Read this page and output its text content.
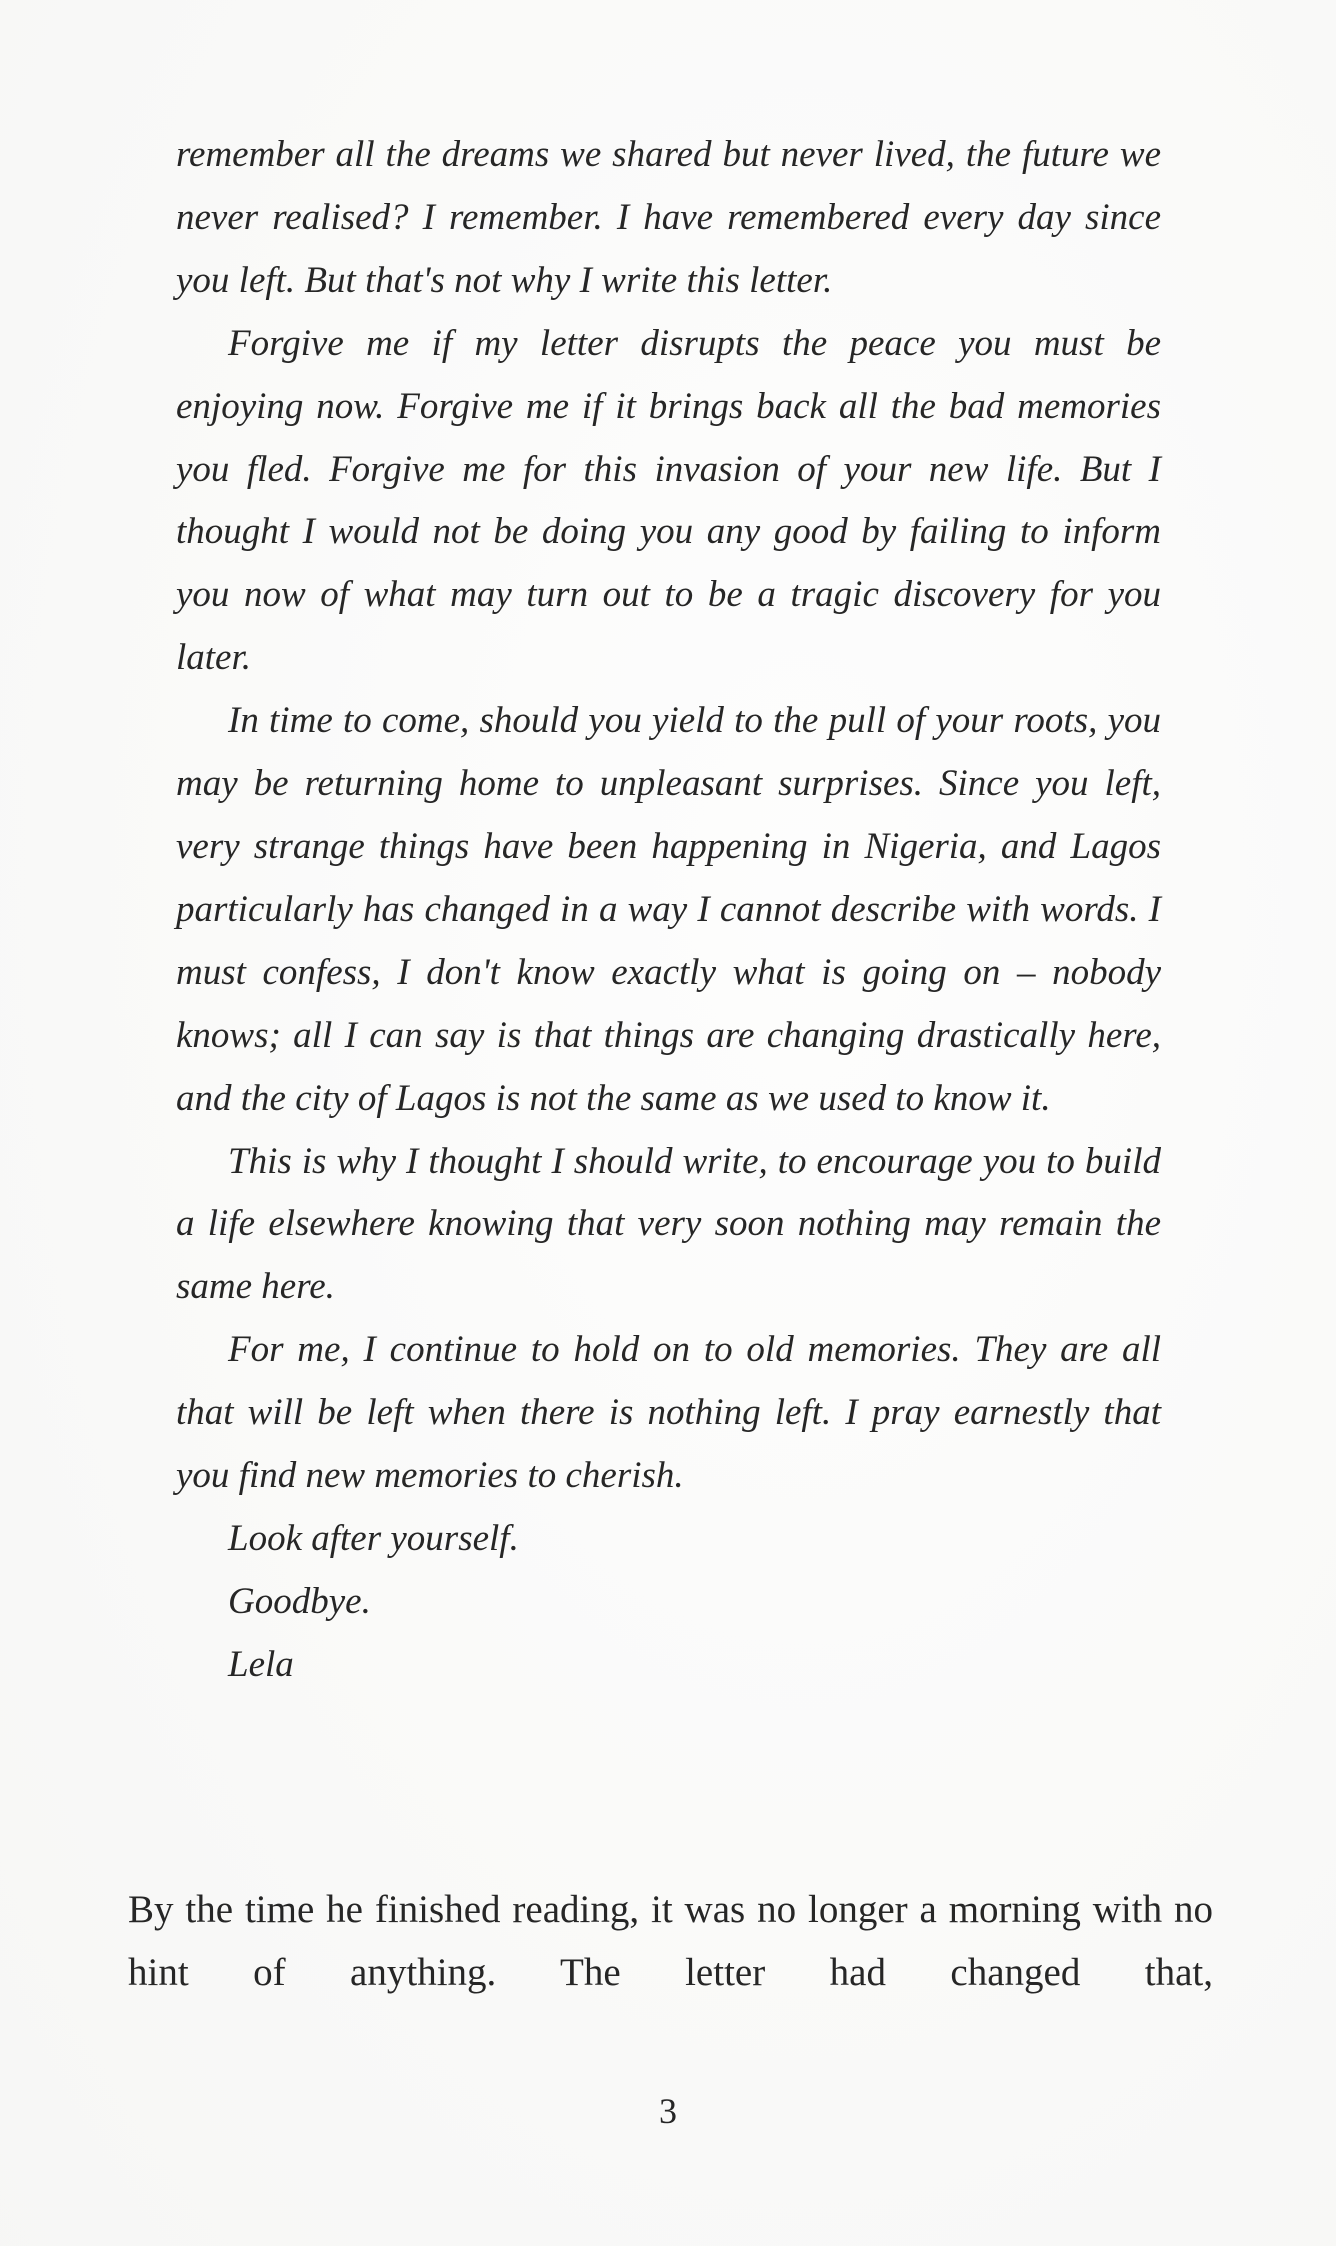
remember all the dreams we shared but never lived, the future we never realised? I remember. I have remembered every day since you left. But that's not why I write this letter.

Forgive me if my letter disrupts the peace you must be enjoying now. Forgive me if it brings back all the bad memories you fled. Forgive me for this invasion of your new life. But I thought I would not be doing you any good by failing to inform you now of what may turn out to be a tragic discovery for you later.

In time to come, should you yield to the pull of your roots, you may be returning home to unpleasant surprises. Since you left, very strange things have been happening in Nigeria, and Lagos particularly has changed in a way I cannot describe with words. I must confess, I don't know exactly what is going on – nobody knows; all I can say is that things are changing drastically here, and the city of Lagos is not the same as we used to know it.

This is why I thought I should write, to encourage you to build a life elsewhere knowing that very soon nothing may remain the same here.

For me, I continue to hold on to old memories. They are all that will be left when there is nothing left. I pray earnestly that you find new memories to cherish.

Look after yourself.

Goodbye.

Lela

By the time he finished reading, it was no longer a morning with no hint of anything. The letter had changed that,

3
